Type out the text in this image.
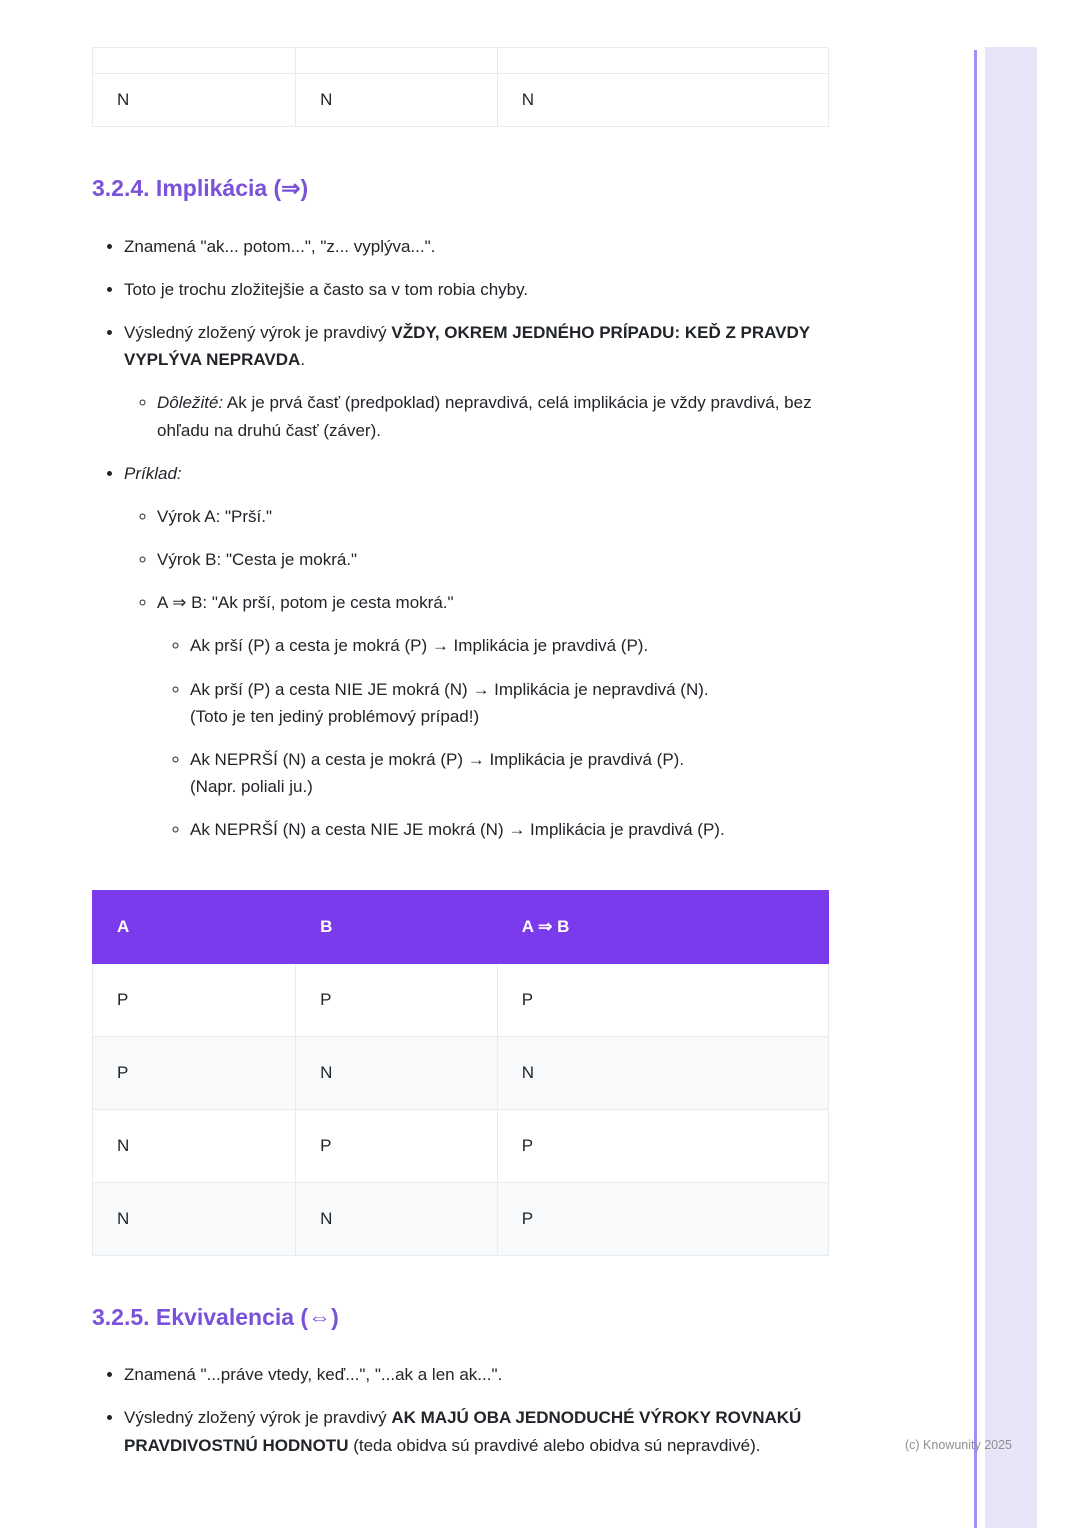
N	N	N
3.2.4. Implikácia (⇒)
• Znamená "ak... potom...", "z... vyplýva...".
• Toto je trochu zložitejšie a často sa v tom robia chyby.
• Výsledný zložený výrok je pravdivý VŽDY, OKREM JEDNÉHO PRÍPADU: KEĎ Z PRAVDY VYPLÝVA NEPRAVDA.
◦ Dôležité: Ak je prvá časť (predpoklad) nepravdivá, celá implikácia je vždy pravdivá, bez ohľadu na druhú časť (záver).
• Príklad:
◦ Výrok A: "Prší."
◦ Výrok B: "Cesta je mokrá."
◦ A ⇒ B: "Ak prší, potom je cesta mokrá."
◦ Ak prší (P) a cesta je mokrá (P) → Implikácia je pravdivá (P).
◦ Ak prší (P) a cesta NIE JE mokrá (N) → Implikácia je nepravdivá (N).
(Toto je ten jediný problémový prípad!)
◦ Ak NEPRŠÍ (N) a cesta je mokrá (P) → Implikácia je pravdivá (P).
(Napr. poliali ju.)
◦ Ak NEPRŠÍ (N) a cesta NIE JE mokrá (N) → Implikácia je pravdivá (P).
A	B	A ⇒ B
P	P	P
P	N	N
N	P	P
N	N	P
3.2.5. Ekvivalencia (⇔)
• Znamená "...práve vtedy, keď...", "...ak a len ak...".
• Výsledný zložený výrok je pravdivý AK MAJÚ OBA JEDNODUCHÉ VÝROKY ROVNAKÚ PRAVDIVOSTNÚ HODNOTU (teda obidva sú pravdivé alebo obidva sú nepravdivé).	(c) Knowunity 2025
